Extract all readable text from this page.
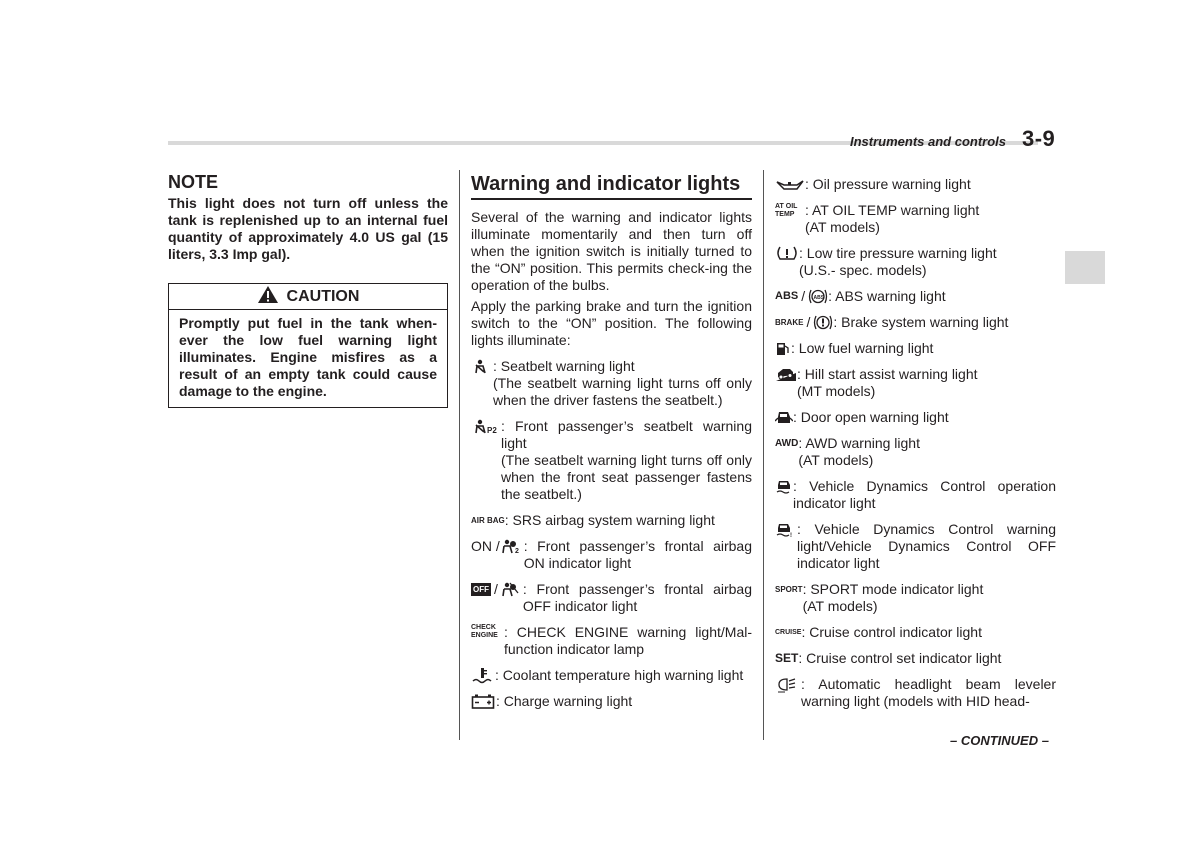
Instruments and controls 3-9

NOTE

This light does not turn off unless the tank is replenished up to an internal fuel quantity of approximately 4.0 US gal (15 liters, 3.3 Imp gal).

CAUTION
Promptly put fuel in the tank when-ever the low fuel warning light illuminates. Engine misfires as a result of an empty tank could cause damage to the engine.

Warning and indicator lights

Several of the warning and indicator lights illuminate momentarily and then turn off when the ignition switch is initially turned to the “ON” position. This permits check-ing the operation of the bulbs.

Apply the parking brake and turn the ignition switch to the “ON” position. The following lights illuminate:

: Seatbelt warning light
(The seatbelt warning light turns off only when the driver fastens the seatbelt.)
P2 : Front passenger’s seatbelt warning light
(The seatbelt warning light turns off only when the front seat passenger fastens the seatbelt.)
AIR BAG : SRS airbag system warning light
ON / 2 : Front passenger’s frontal airbag ON indicator light
OFF / : Front passenger’s frontal airbag OFF indicator light
CHECK
ENGINE : CHECK ENGINE warning light/Mal-function indicator lamp
: Coolant temperature high warning light
: Charge warning light
: Oil pressure warning light
AT OIL
TEMP : AT OIL TEMP warning light
(AT models)
: Low tire pressure warning light
(U.S.- spec. models)
ABS / ABS : ABS warning light
BRAKE / : Brake system warning light
: Low fuel warning light
: Hill start assist warning light
(MT models)
: Door open warning light
AWD : AWD warning light
(AT models)
: Vehicle Dynamics Control operation indicator light
! : Vehicle Dynamics Control warning light/Vehicle Dynamics Control OFF indicator light
SPORT : SPORT mode indicator light
(AT models)
CRUISE : Cruise control indicator light
SET : Cruise control set indicator light
: Automatic headlight beam leveler warning light (models with HID head-
– CONTINUED –
